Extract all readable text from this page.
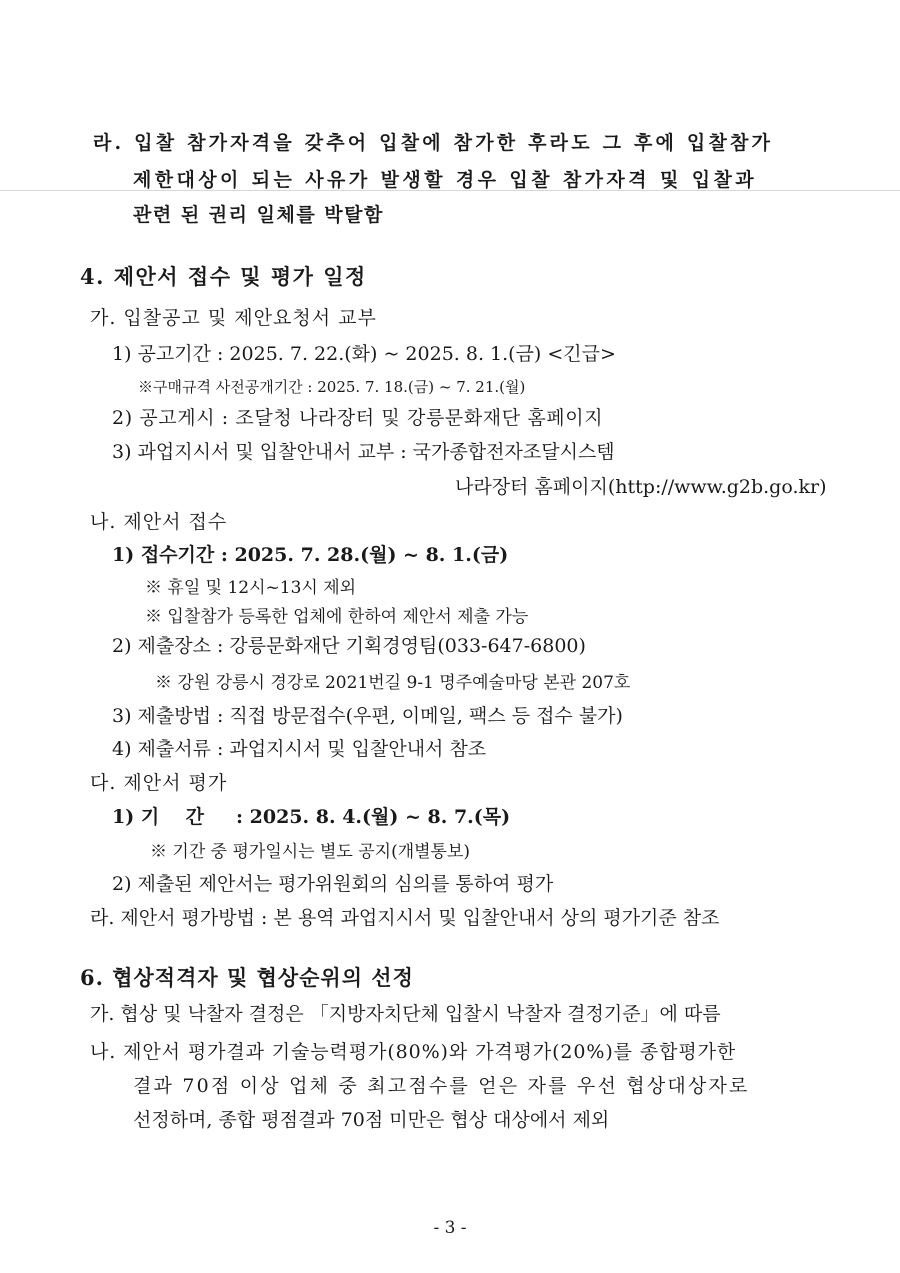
라. 입찰 참가자격을 갖추어 입찰에 참가한 후라도 그 후에 입찰참가
제한대상이 되는 사유가 발생할 경우 입찰 참가자격 및 입찰과
관련 된 권리 일체를 박탈함
4. 제안서 접수 및 평가 일정
가. 입찰공고 및 제안요청서 교부
1) 공고기간 : 2025. 7. 22.(화) ~ 2025. 8. 1.(금) <긴급>
※구매규격 사전공개기간 : 2025. 7. 18.(금) ~ 7. 21.(월)
2) 공고게시 : 조달청 나라장터 및 강릉문화재단 홈페이지
3) 과업지시서 및 입찰안내서 교부 : 국가종합전자조달시스템
나라장터 홈페이지(http://www.g2b.go.kr)
나. 제안서 접수
1) 접수기간 : 2025. 7. 28.(월) ~ 8. 1.(금)
※ 휴일 및 12시~13시 제외
※ 입찰참가 등록한 업체에 한하여 제안서 제출 가능
2) 제출장소 : 강릉문화재단 기획경영팀(033-647-6800)
※ 강원 강릉시 경강로 2021번길 9-1 명주예술마당 본관 207호
3) 제출방법 : 직접 방문접수(우편, 이메일, 팩스 등 접수 불가)
4) 제출서류 : 과업지시서 및 입찰안내서 참조
다. 제안서 평가
1) 기    간 : 2025. 8. 4.(월) ~ 8. 7.(목)
※ 기간 중 평가일시는 별도 공지(개별통보)
2) 제출된 제안서는 평가위원회의 심의를 통하여 평가
라. 제안서 평가방법 : 본 용역 과업지시서 및 입찰안내서 상의 평가기준 참조
6. 협상적격자 및 협상순위의 선정
가. 협상 및 낙찰자 결정은 「지방자치단체 입찰시 낙찰자 결정기준」에 따름
나. 제안서 평가결과 기술능력평가(80%)와 가격평가(20%)를 종합평가한
결과 70점 이상 업체 중 최고점수를 얻은 자를 우선 협상대상자로
선정하며, 종합 평점결과 70점 미만은 협상 대상에서 제외
- 3 -
